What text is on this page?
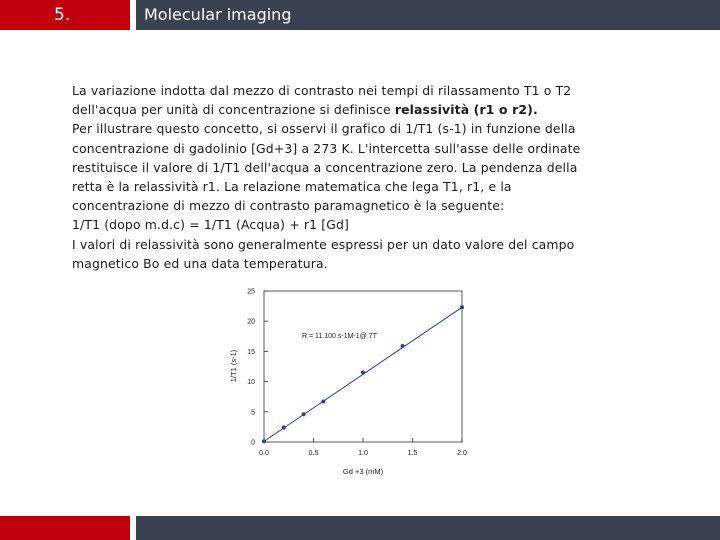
5.	Molecular imaging

La variazione indotta dal mezzo di contrasto nei tempi di rilassamento T1 o T2 dell'acqua per unità di concentrazione si definisce relassività (r1 o r2).

Per illustrare questo concetto, si osservi il grafico di 1/T1 (s-1) in funzione della concentrazione di gadolinio [Gd+3] a 273 K. L'intercetta sull'asse delle ordinate restituisce il valore di 1/T1 dell'acqua a concentrazione zero. La pendenza della retta è la relassività r1. La relazione matematica che lega T1, r1, e la concentrazione di mezzo di contrasto paramagnetico è la seguente:

1/T1 (dopo m.d.c) = 1/T1 (Acqua) + r1 [Gd]

I valori di relassività sono generalmente espressi per un dato valore del campo magnetico Bo ed una data temperatura.

0
5
10
15
20
25
0.0	0.5	1.0	1.5	2.0
R = 11.100 s-1M-1@ 7T
Gd +3 (mM)
1/T1 (s-1)
